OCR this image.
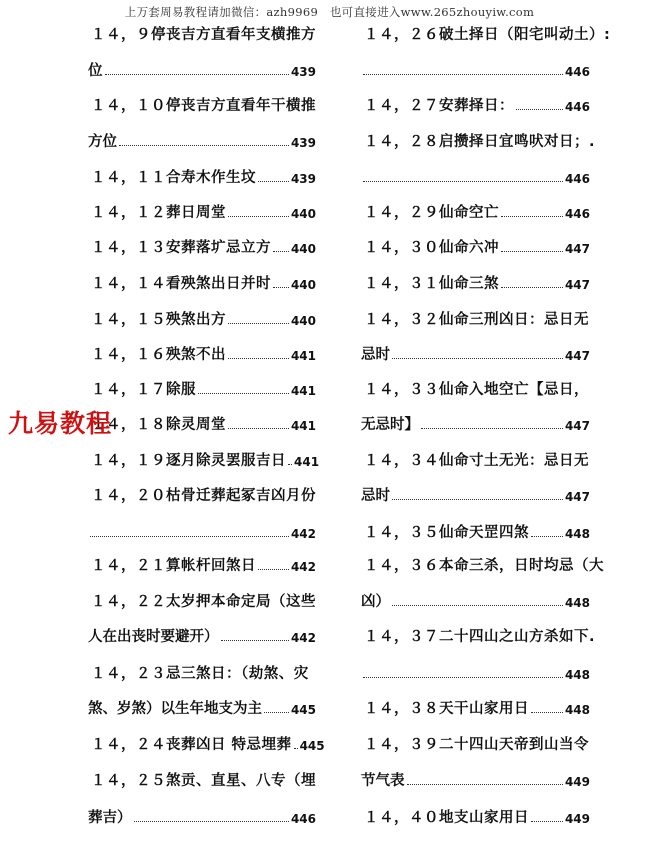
上万套周易教程请加微信：azh9969　也可直接进入www.265zhouyiw.com
１４，９停丧吉方直看年支横推方
位	439
１４，１０停丧吉方直看年干横推
方位	439
１４，１１合寿木作生坟	439
１４，１２葬日周堂	440
１４，１３安葬落圹忌立方 440
１４，１４看殃煞出日并时 440
１４，１５殃煞出方	440
１４，１６殃煞不出	441
１４，１７除服	441
１４，１８除灵周堂	441
１４，１９逐月除灵罢服吉日 441
１４，２０枯骨迁葬起冢吉凶月份
442
１４，２１算帐杆回煞日	442
１４，２２太岁押本命定局（这些
人在出丧时要避开）	442
１４，２３忌三煞日：（劫煞、灾
煞、岁煞）以生年地支为主 445
１４，２４丧葬凶日 特忌埋葬 445
１４，２５煞贡、直星、八专（埋
葬吉）	446
１４，２６破土择日（阳宅叫动土）:
446
１４，２７安葬择日：	446
１４，２８启攒择日宜鸣吠对日；.
446
１４，２９仙命空亡	446
１４，３０仙命六冲	447
１４，３１仙命三煞	447
１４，３２仙命三刑凶日：忌日无
忌时	447
１４，３３仙命入地空亡【忌日，
无忌时】	447
１４，３４仙命寸土无光：忌日无
忌时	447
１４，３５仙命天罡四煞	448
１４，３６本命三杀，日时均忌（大
凶）	448
１４，３７二十四山之山方杀如下.
448
１４，３８天干山家用日	448
１４，３９二十四山天帝到山当令
节气表	449
１４，４０地支山家用日	449
九易教程
